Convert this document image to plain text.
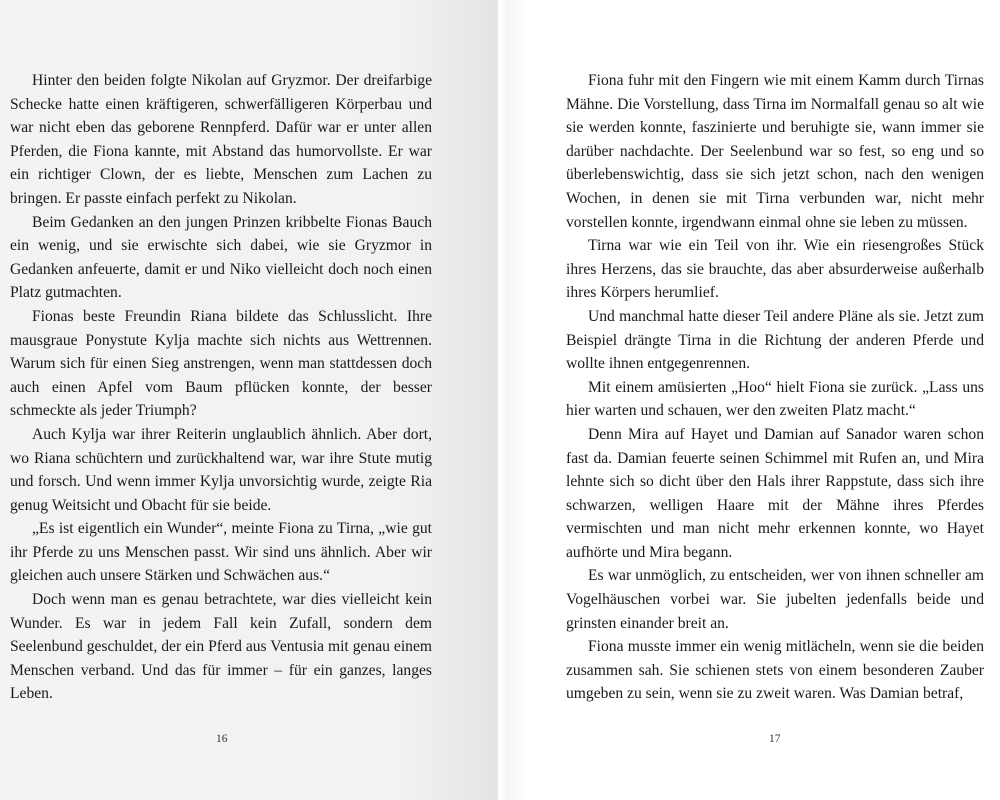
Hinter den beiden folgte Nikolan auf Gryzmor. Der dreifarbige Schecke hatte einen kräftigeren, schwerfälligeren Körperbau und war nicht eben das geborene Rennpferd. Dafür war er unter allen Pferden, die Fiona kannte, mit Abstand das humorvollste. Er war ein richtiger Clown, der es liebte, Menschen zum Lachen zu bringen. Er passte einfach perfekt zu Nikolan.

Beim Gedanken an den jungen Prinzen kribbelte Fionas Bauch ein wenig, und sie erwischte sich dabei, wie sie Gryzmor in Gedanken anfeuerte, damit er und Niko vielleicht doch noch einen Platz gutmachten.

Fionas beste Freundin Riana bildete das Schlusslicht. Ihre mausgraue Ponystute Kylja machte sich nichts aus Wettrennen. Warum sich für einen Sieg anstrengen, wenn man stattdessen doch auch einen Apfel vom Baum pflücken konnte, der besser schmeckte als jeder Triumph?

Auch Kylja war ihrer Reiterin unglaublich ähnlich. Aber dort, wo Riana schüchtern und zurückhaltend war, war ihre Stute mutig und forsch. Und wenn immer Kylja unvorsichtig wurde, zeigte Ria genug Weitsicht und Obacht für sie beide.

„Es ist eigentlich ein Wunder“, meinte Fiona zu Tirna, „wie gut ihr Pferde zu uns Menschen passt. Wir sind uns ähnlich. Aber wir gleichen auch unsere Stärken und Schwächen aus.“

Doch wenn man es genau betrachtete, war dies vielleicht kein Wunder. Es war in jedem Fall kein Zufall, sondern dem Seelenbund geschuldet, der ein Pferd aus Ventusia mit genau einem Menschen verband. Und das für immer – für ein ganzes, langes Leben.

16

Fiona fuhr mit den Fingern wie mit einem Kamm durch Tirnas Mähne. Die Vorstellung, dass Tirna im Normalfall genau so alt wie sie werden konnte, faszinierte und beruhigte sie, wann immer sie darüber nachdachte. Der Seelenbund war so fest, so eng und so überlebenswichtig, dass sie sich jetzt schon, nach den wenigen Wochen, in denen sie mit Tirna verbunden war, nicht mehr vorstellen konnte, irgendwann einmal ohne sie leben zu müssen.

Tirna war wie ein Teil von ihr. Wie ein riesengroßes Stück ihres Herzens, das sie brauchte, das aber absurderweise außerhalb ihres Körpers herumlief.

Und manchmal hatte dieser Teil andere Pläne als sie. Jetzt zum Beispiel drängte Tirna in die Richtung der anderen Pferde und wollte ihnen entgegenrennen.

Mit einem amüsierten „Hoo“ hielt Fiona sie zurück. „Lass uns hier warten und schauen, wer den zweiten Platz macht.“

Denn Mira auf Hayet und Damian auf Sanador waren schon fast da. Damian feuerte seinen Schimmel mit Rufen an, und Mira lehnte sich so dicht über den Hals ihrer Rappstute, dass sich ihre schwarzen, welligen Haare mit der Mähne ihres Pferdes vermischten und man nicht mehr erkennen konnte, wo Hayet aufhörte und Mira begann.

Es war unmöglich, zu entscheiden, wer von ihnen schneller am Vogelhäuschen vorbei war. Sie jubelten jedenfalls beide und grinsten einander breit an.

Fiona musste immer ein wenig mitlächeln, wenn sie die beiden zusammen sah. Sie schienen stets von einem besonderen Zauber umgeben zu sein, wenn sie zu zweit waren. Was Damian betraf,

17
